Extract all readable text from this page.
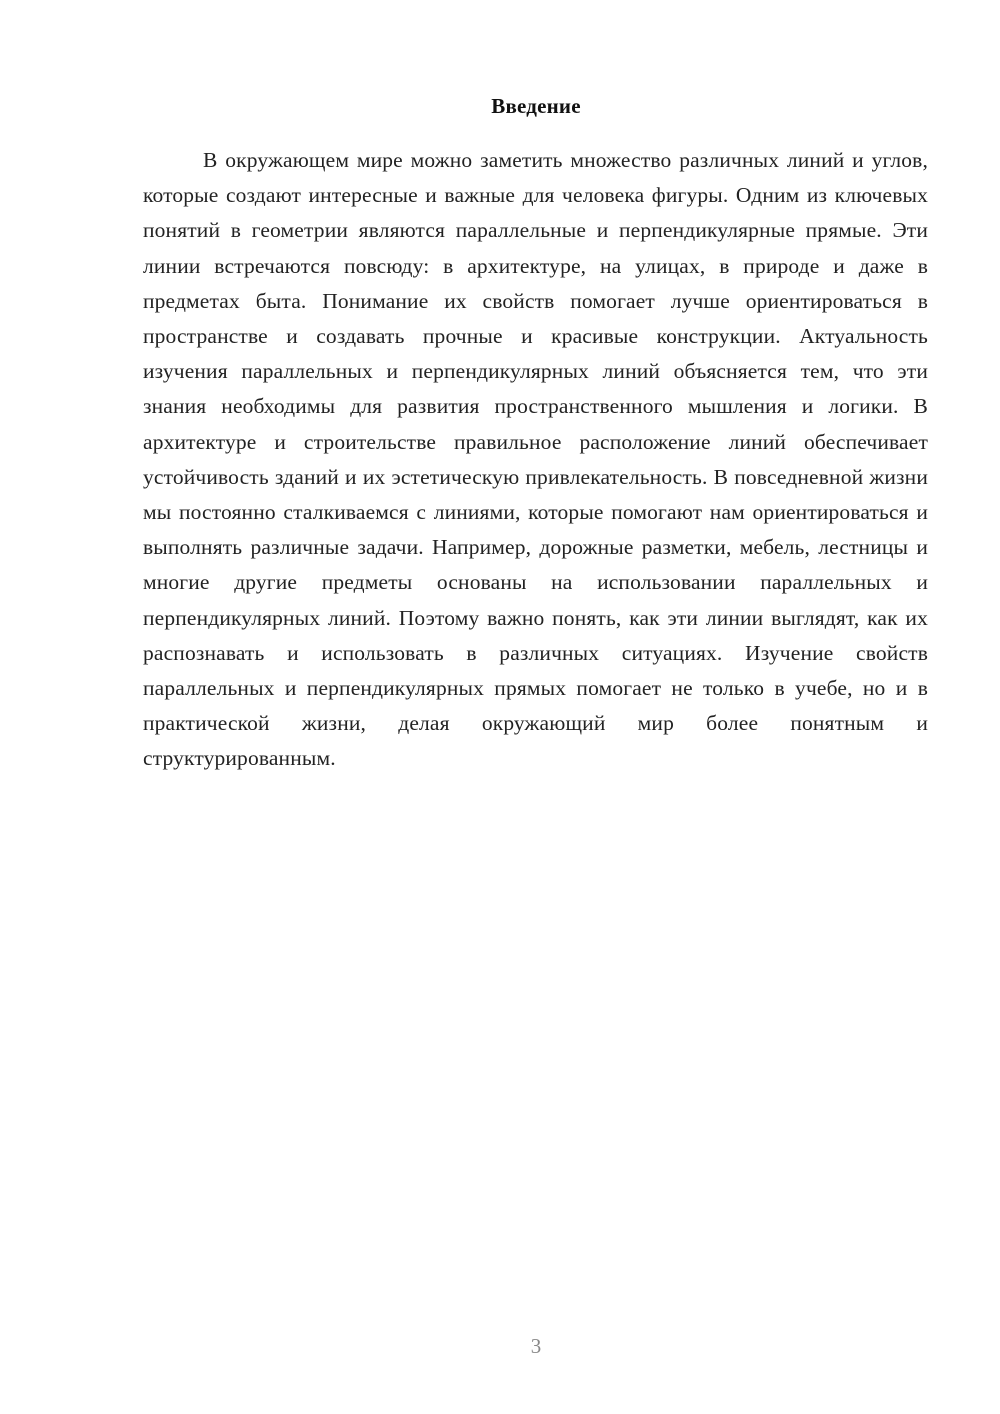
Введение

В окружающем мире можно заметить множество различных линий и углов, которые создают интересные и важные для человека фигуры. Одним из ключевых понятий в геометрии являются параллельные и перпендикулярные прямые. Эти линии встречаются повсюду: в архитектуре, на улицах, в природе и даже в предметах быта. Понимание их свойств помогает лучше ориентироваться в пространстве и создавать прочные и красивые конструкции. Актуальность изучения параллельных и перпендикулярных линий объясняется тем, что эти знания необходимы для развития пространственного мышления и логики. В архитектуре и строительстве правильное расположение линий обеспечивает устойчивость зданий и их эстетическую привлекательность. В повседневной жизни мы постоянно сталкиваемся с линиями, которые помогают нам ориентироваться и выполнять различные задачи. Например, дорожные разметки, мебель, лестницы и многие другие предметы основаны на использовании параллельных и перпендикулярных линий. Поэтому важно понять, как эти линии выглядят, как их распознавать и использовать в различных ситуациях. Изучение свойств параллельных и перпендикулярных прямых помогает не только в учебе, но и в практической жизни, делая окружающий мир более понятным и структурированным.

3
